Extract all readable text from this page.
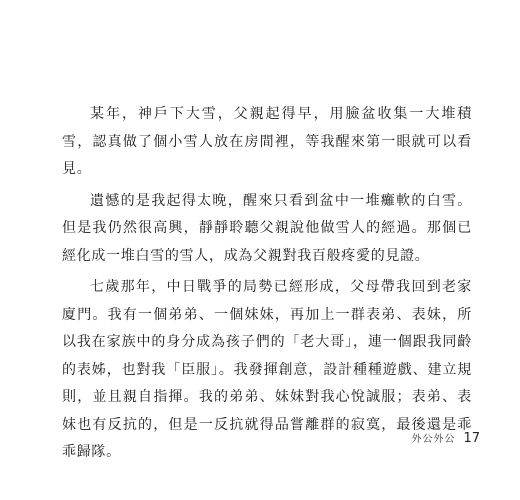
某年，神戶下大雪，父親起得早，用臉盆收集一大堆積雪，認真做了個小雪人放在房間裡，等我醒來第一眼就可以看見。

遺憾的是我起得太晚，醒來只看到盆中一堆癱軟的白雪。但是我仍然很高興，靜靜聆聽父親說他做雪人的經過。那個已經化成一堆白雪的雪人，成為父親對我百般疼愛的見證。

七歲那年，中日戰爭的局勢已經形成，父母帶我回到老家廈門。我有一個弟弟、一個妹妹，再加上一群表弟、表妹，所以我在家族中的身分成為孩子們的「老大哥」，連一個跟我同齡的表姊，也對我「臣服」。我發揮創意，設計種種遊戲、建立規則，並且親自指揮。我的弟弟、妹妹對我心悅誠服；表弟、表妹也有反抗的，但是一反抗就得品嘗離群的寂寞，最後還是乖乖歸隊。

外公外公 17
